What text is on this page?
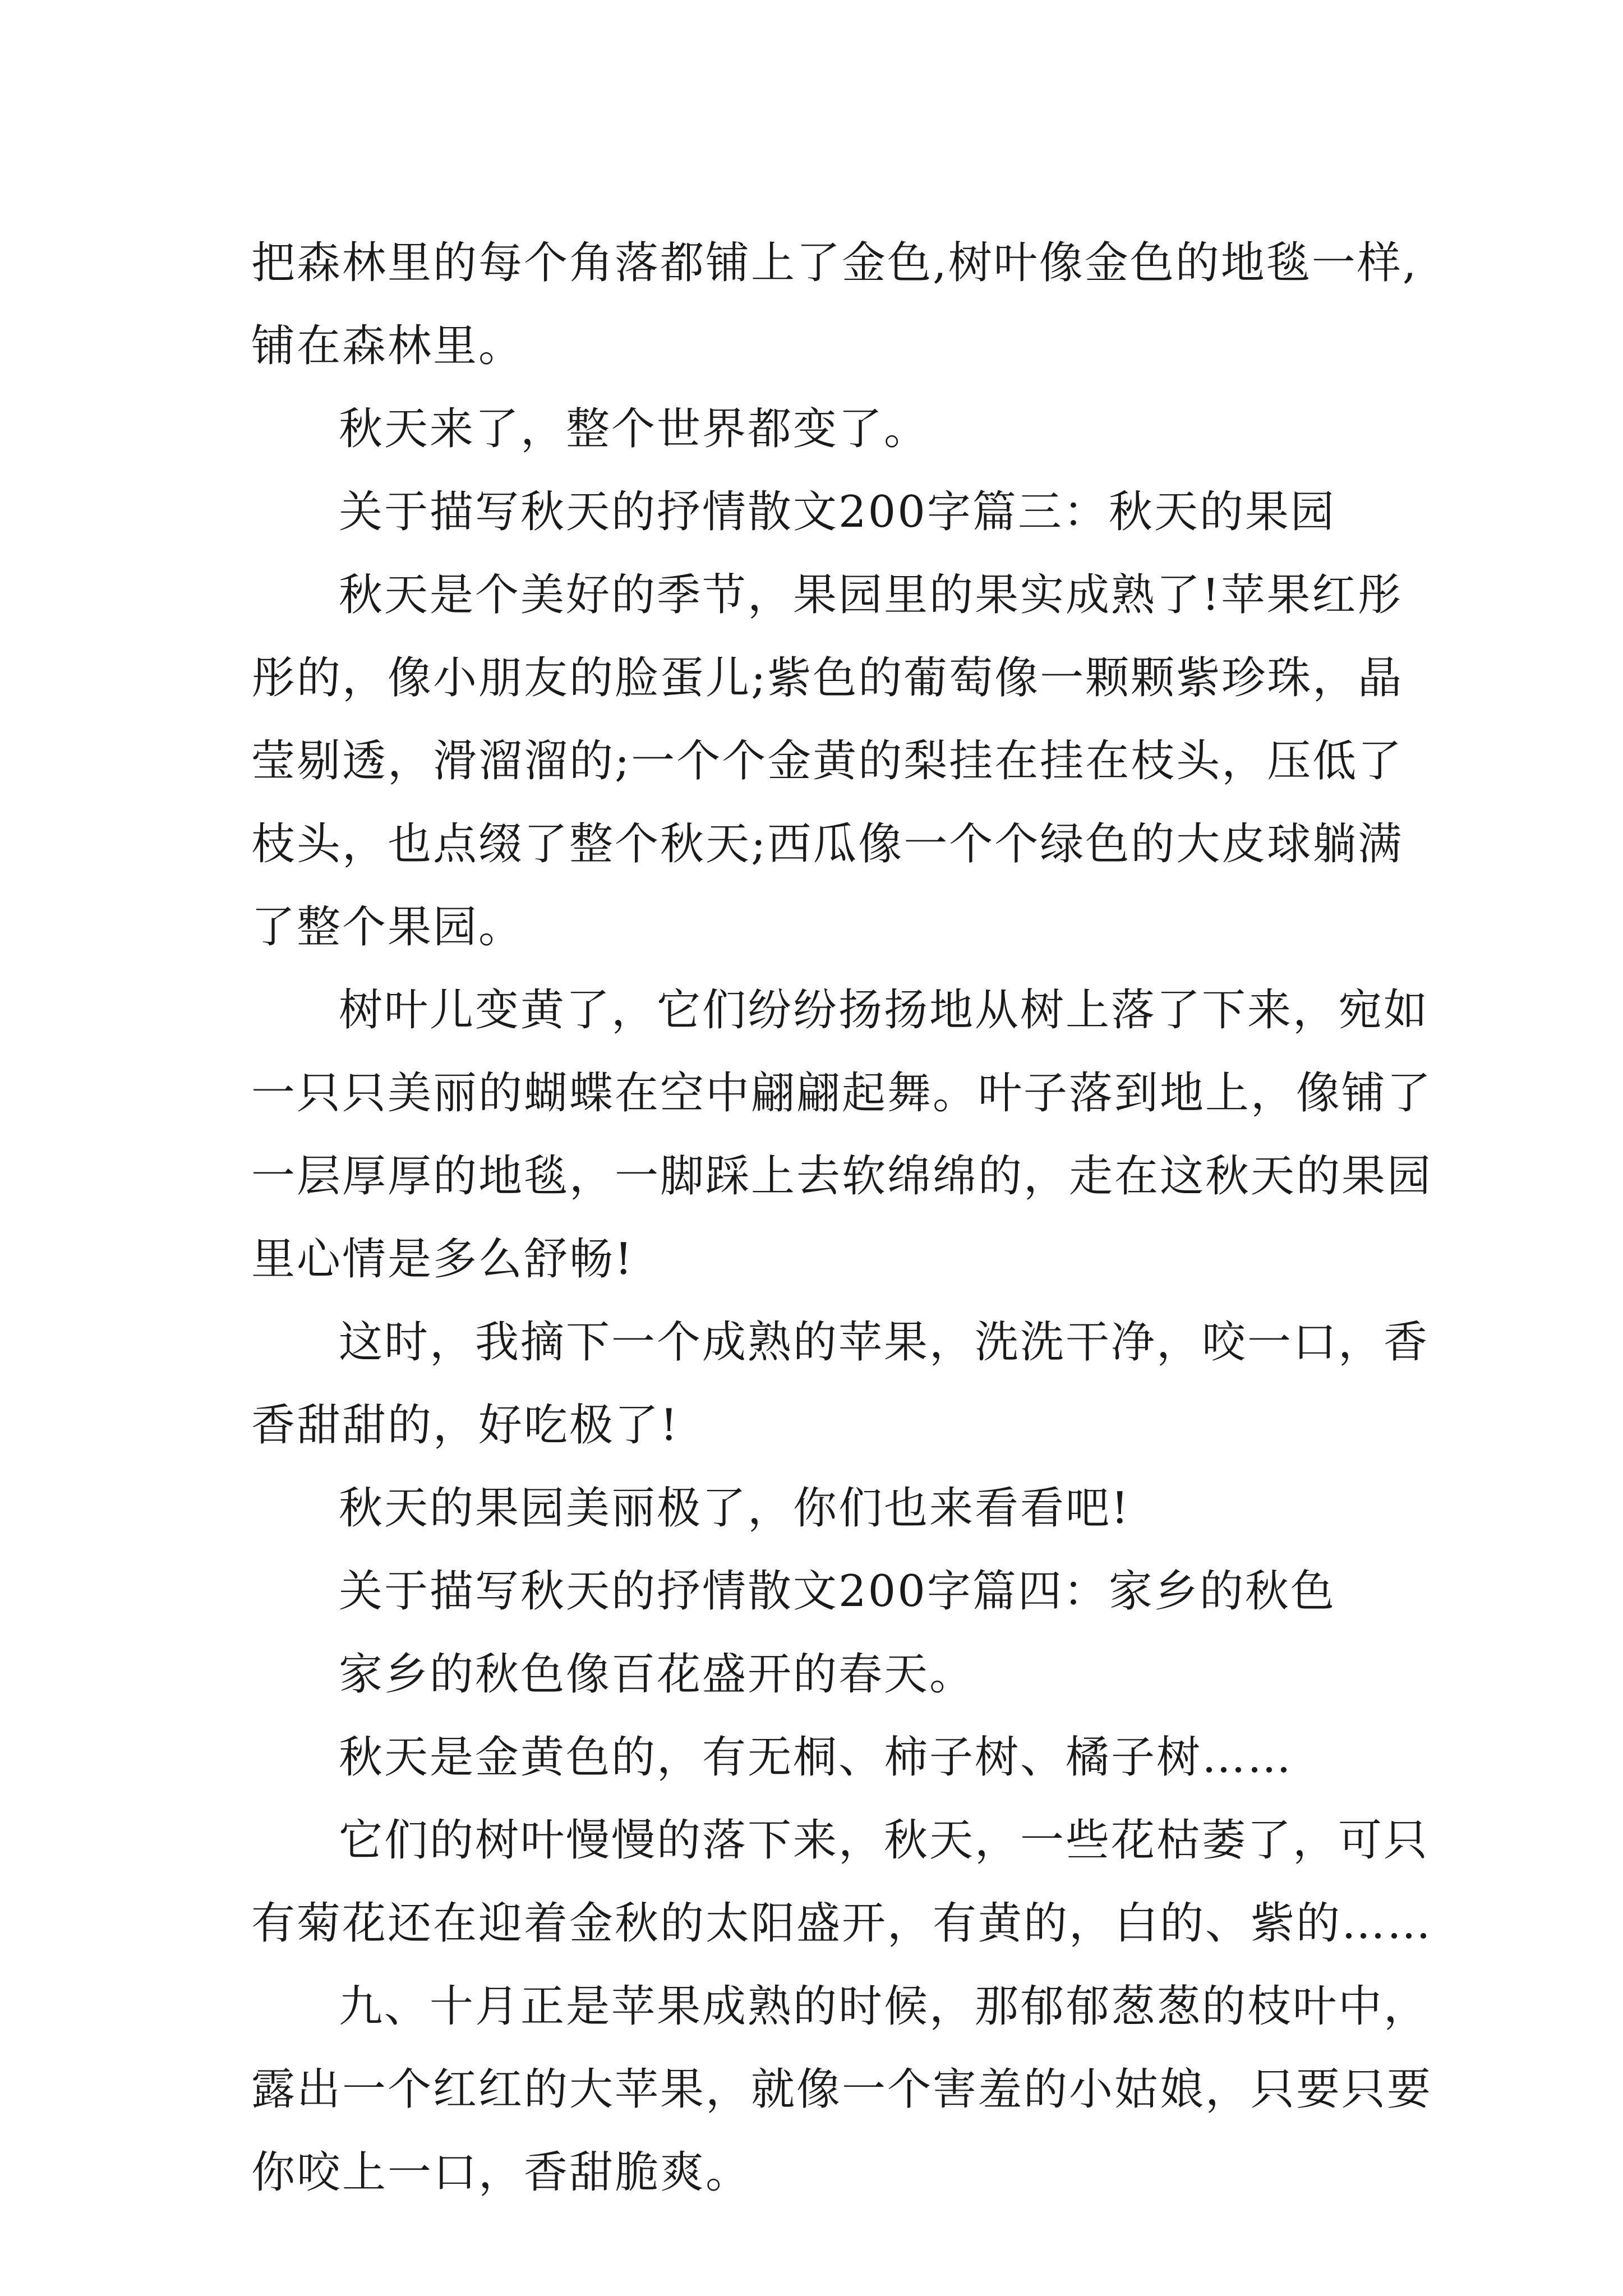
把森林里的每个角落都铺上了金色,树叶像金色的地毯一样,
铺在森林里。
秋天来了，整个世界都变了。
关于描写秋天的抒情散文200字篇三：秋天的果园
秋天是个美好的季节，果园里的果实成熟了!苹果红彤
彤的，像小朋友的脸蛋儿;紫色的葡萄像一颗颗紫珍珠，晶
莹剔透，滑溜溜的;一个个金黄的梨挂在挂在枝头，压低了
枝头，也点缀了整个秋天;西瓜像一个个绿色的大皮球躺满
了整个果园。
树叶儿变黄了，它们纷纷扬扬地从树上落了下来，宛如
一只只美丽的蝴蝶在空中翩翩起舞。叶子落到地上，像铺了
一层厚厚的地毯，一脚踩上去软绵绵的，走在这秋天的果园
里心情是多么舒畅!
这时，我摘下一个成熟的苹果，洗洗干净，咬一口，香
香甜甜的，好吃极了!
秋天的果园美丽极了，你们也来看看吧!
关于描写秋天的抒情散文200字篇四：家乡的秋色
家乡的秋色像百花盛开的春天。
秋天是金黄色的，有无桐、柿子树、橘子树……
它们的树叶慢慢的落下来，秋天，一些花枯萎了，可只
有菊花还在迎着金秋的太阳盛开，有黄的，白的、紫的……
九、十月正是苹果成熟的时候，那郁郁葱葱的枝叶中，
露出一个红红的大苹果，就像一个害羞的小姑娘，只要只要
你咬上一口，香甜脆爽。
